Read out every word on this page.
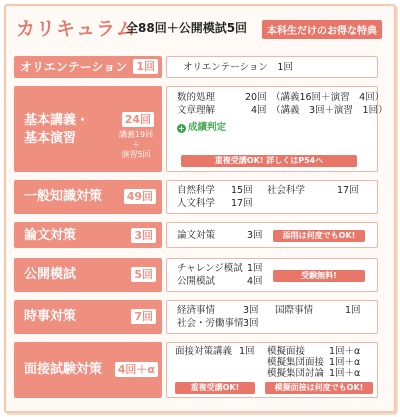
カリキュラム
全88回＋公開模試5回	本科生だけのお得な特典
オリエンテーション 1回	オリエンテーション　1回
基本講義・
基本演習
24回
講義19回
＋
演習5回
数的処理	20回 （講義16回＋演習　4回）
文章理解	4回 （講義　3回＋演習　1回）
+ 成績判定
重複受講OK! 詳しくはP54へ
一般知識対策 49回	自然科学 15回 社会科学	17回
人文科学 17回
論文対策	3回	論文対策	3回	添削は何度でもOK!
公開模試	5回	チャレンジ模試 1回
公開模試	4回
受験無料!
時事対策	7回	経済事情	3回 国際事情	1回
社会・労働事情 3回
面接試験対策 4回＋α
面接対策講義 1回 模擬面接	1回＋α
模擬集団面接 1回＋α
模擬集団討論 1回＋α
重複受講OK!	模擬面接は何度でもOK!
